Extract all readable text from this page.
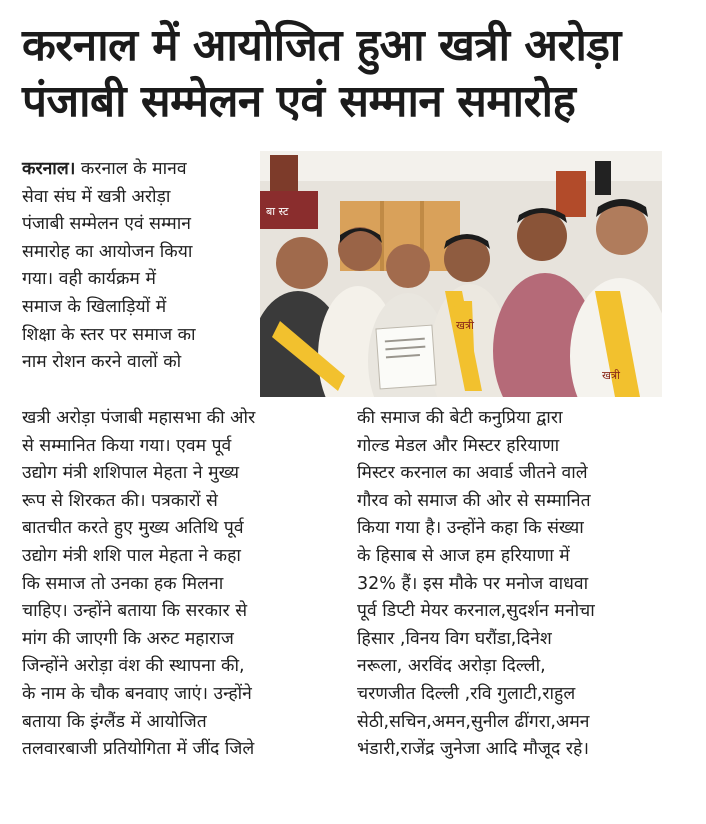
करनाल में आयोजित हुआ खत्री अरोड़ा
पंजाबी सम्मेलन एवं सम्मान समारोह
करनाल। करनाल के मानव
सेवा संघ में खत्री अरोड़ा
पंजाबी सम्मेलन एवं सम्मान
समारोह का आयोजन किया
गया। वही कार्यक्रम में
समाज के खिलाड़ियों में
शिक्षा के स्तर पर समाज का
नाम रोशन करने वालों को
बा स्ट
खत्री
खत्री
खत्री अरोड़ा पंजाबी महासभा की ओर
से सम्मानित किया गया। एवम पूर्व
उद्योग मंत्री शशिपाल मेहता ने मुख्य
रूप से शिरकत की। पत्रकारों से
बातचीत करते हुए मुख्य अतिथि पूर्व
उद्योग मंत्री शशि पाल मेहता ने कहा
कि समाज तो उनका हक मिलना
चाहिए। उन्होंने बताया कि सरकार से
मांग की जाएगी कि अरुट महाराज
जिन्होंने अरोड़ा वंश की स्थापना की,
के नाम के चौक बनवाए जाएं। उन्होंने
बताया कि इंग्लैंड में आयोजित
तलवारबाजी प्रतियोगिता में जींद जिले
की समाज की बेटी कनुप्रिया द्वारा
गोल्ड मेडल और मिस्टर हरियाणा
मिस्टर करनाल का अवार्ड जीतने वाले
गौरव को समाज की ओर से सम्मानित
किया गया है। उन्होंने कहा कि संख्या
के हिसाब से आज हम हरियाणा में
32% हैं। इस मौके पर मनोज वाधवा
पूर्व डिप्टी मेयर करनाल,सुदर्शन मनोचा
हिसार ,विनय विग घरौंडा,दिनेश
नरूला, अरविंद अरोड़ा दिल्ली,
चरणजीत दिल्ली ,रवि गुलाटी,राहुल
सेठी,सचिन,अमन,सुनील ढींगरा,अमन
भंडारी,राजेंद्र जुनेजा आदि मौजूद रहे।
